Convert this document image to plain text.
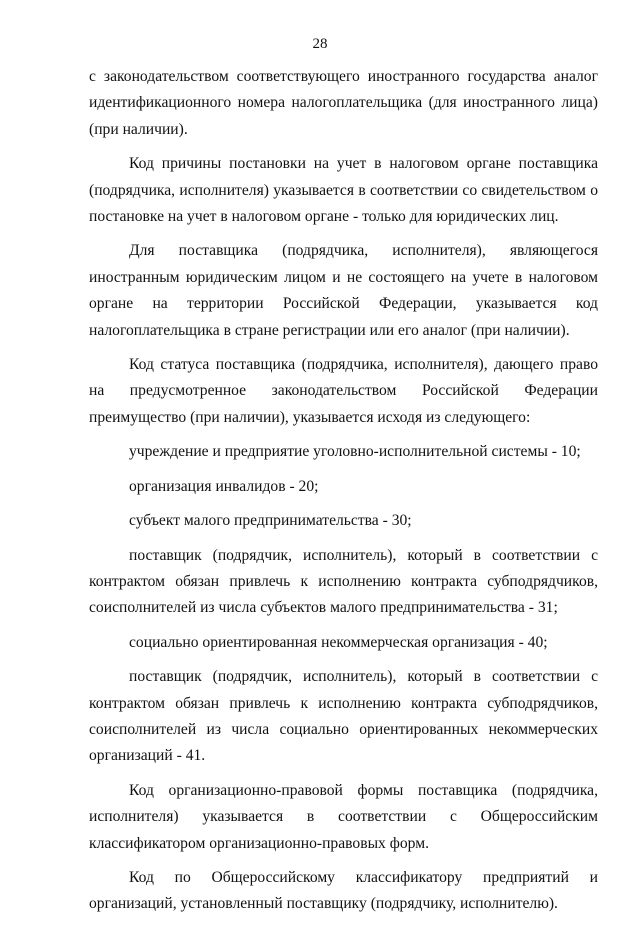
28

с законодательством соответствующего иностранного государства аналог идентификационного номера налогоплательщика (для иностранного лица) (при наличии).

Код причины постановки на учет в налоговом органе поставщика (подрядчика, исполнителя) указывается в соответствии со свидетельством о постановке на учет в налоговом органе - только для юридических лиц.

Для поставщика (подрядчика, исполнителя), являющегося иностранным юридическим лицом и не состоящего на учете в налоговом органе на территории Российской Федерации, указывается код налогоплательщика в стране регистрации или его аналог (при наличии).

Код статуса поставщика (подрядчика, исполнителя), дающего право на предусмотренное законодательством Российской Федерации преимущество (при наличии), указывается исходя из следующего:

учреждение и предприятие уголовно-исполнительной системы - 10;

организация инвалидов - 20;

субъект малого предпринимательства - 30;

поставщик (подрядчик, исполнитель), который в соответствии с контрактом обязан привлечь к исполнению контракта субподрядчиков, соисполнителей из числа субъектов малого предпринимательства - 31;

социально ориентированная некоммерческая организация - 40;

поставщик (подрядчик, исполнитель), который в соответствии с контрактом обязан привлечь к исполнению контракта субподрядчиков, соисполнителей из числа социально ориентированных некоммерческих организаций - 41.

Код организационно-правовой формы поставщика (подрядчика, исполнителя) указывается в соответствии с Общероссийским классификатором организационно-правовых форм.

Код по Общероссийскому классификатору предприятий и организаций, установленный поставщику (подрядчику, исполнителю).
